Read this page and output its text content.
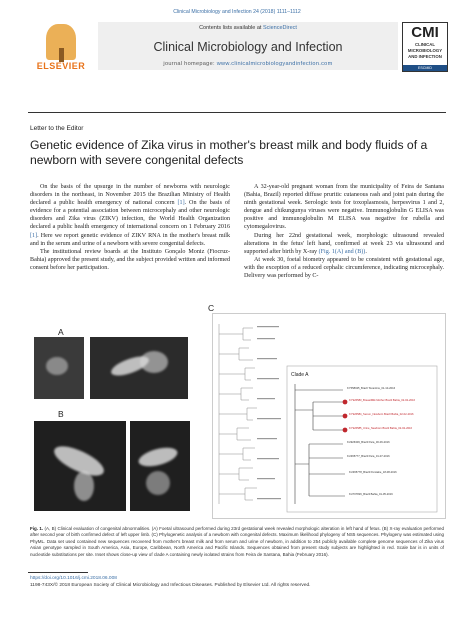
Clinical Microbiology and Infection 24 (2018) 1111–1112
ELSEVIER
Contents lists available at ScienceDirect
Clinical Microbiology and Infection
journal homepage: www.clinicalmicrobiologyandinfection.com
CMI
CLINICAL
MICROBIOLOGY
AND INFECTION
ESCMID
Letter to the Editor
Genetic evidence of Zika virus in mother's breast milk and body fluids of a newborn with severe congenital defects

On the basis of the upsurge in the number of newborns with neurologic disorders in the northeast, in November 2015 the Brazilian Ministry of Health declared a public health emergency of national concern [1]. On the basis of evidence for a potential association between microcephaly and other neurologic disorders and Zika virus (ZIKV) infection, the World Health Organization declared a public health emergency of international concern on 1 February 2016 [1]. Here we report genetic evidence of ZIKV RNA in the mother's breast milk and in the serum and urine of a newborn with severe congenital defects.

The institutional review boards at the Instituto Gonçalo Moniz (Fiocruz-Bahia) approved the present study, and the subject provided written and informed consent before her participation.

A 32-year-old pregnant woman from the municipality of Feira de Santana (Bahia, Brazil) reported diffuse pruritic cutaneous rash and joint pain during the ninth gestational week. Serologic tests for toxoplasmosis, herpesvirus 1 and 2, dengue and chikungunya viruses were negative. Immunoglobulin G ELISA was positive and immunoglobulin M ELISA was negative for rubella and cytomegalovirus.

During her 22nd gestational week, morphologic ultrasound revealed alterations in the fetus' left hand, confirmed at week 23 via ultrasound and supported after birth by X-ray (Fig. 1(A) and (B)).

At week 30, foetal biometry appeared to be consistent with gestational age, with the exception of a reduced cephalic circumference, indicating microcephaly. Delivery was performed by C-

A
B
C
Clade A
KY558025_Brazil Tocantins_01-10-2016
KY926583_BreastMilk Mother Brazil Bahia_02-02-2016
KY926584_Serum_Newborn Brazil Bahia_02-02-2016
KY926585_Urine_Newborn Brazil Bahia_02-02-2016
KU926309_Brazil Para_30-06-2016
KU365777_Brazil Para_01-07-2016
KU365778_Brazil Pemtabe_18-08-2016
KU707826_Brazil Bahia_01-05-2016
Fig. 1. (A, B) Clinical evaluation of congenital abnormalities. (A) Foetal ultrasound performed during 23rd gestational week revealed morphologic alteration in left hand of fetus. (B) X-ray evaluation performed after second year of birth confirmed defect of left upper limb. (C) Phylogenetic analysis of a newborn with congenital defects. Maximum likelihood phylogeny of NS5 sequences. Phylogeny was estimated using PhyML. Data set used contained new sequences recovered from mother's breast milk and from serum and urine of newborn, in addition to 254 publicly available complete genome sequences of Zika virus Asian genotype sampled in South America, Asia, Europe, Caribbean, North America and Pacific Islands. Sequences obtained from present study subjects are highlighted in red. Scale bar is in units of nucleotide substitutions per site. Inset shows close-up view of clade A containing newly isolated strains from Feira de Santana, Bahia (February 2016).
https://doi.org/10.1016/j.cmi.2018.06.008
1198-743X/© 2018 European Society of Clinical Microbiology and Infectious Diseases. Published by Elsevier Ltd. All rights reserved.
